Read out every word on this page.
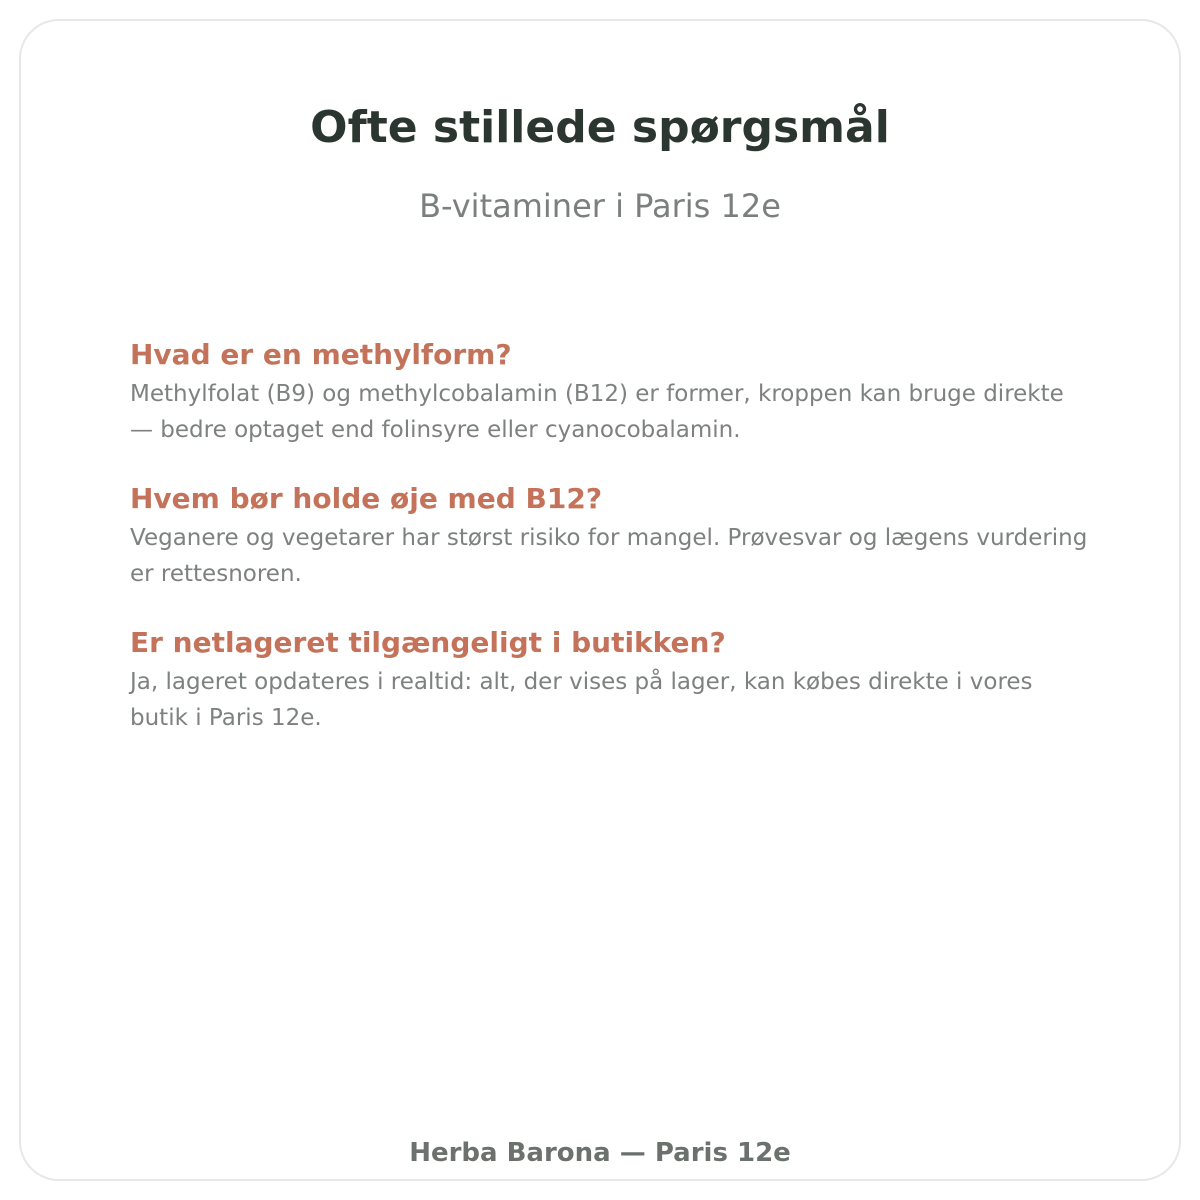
Ofte stillede spørgsmål

B-vitaminer i Paris 12e

Hvad er en methylform?

Methylfolat (B9) og methylcobalamin (B12) er former, kroppen kan bruge direkte — bedre optaget end folinsyre eller cyanocobalamin.

Hvem bør holde øje med B12?

Veganere og vegetarer har størst risiko for mangel. Prøvesvar og lægens vurdering er rettesnoren.

Er netlageret tilgængeligt i butikken?

Ja, lageret opdateres i realtid: alt, der vises på lager, kan købes direkte i vores butik i Paris 12e.

Herba Barona — Paris 12e
